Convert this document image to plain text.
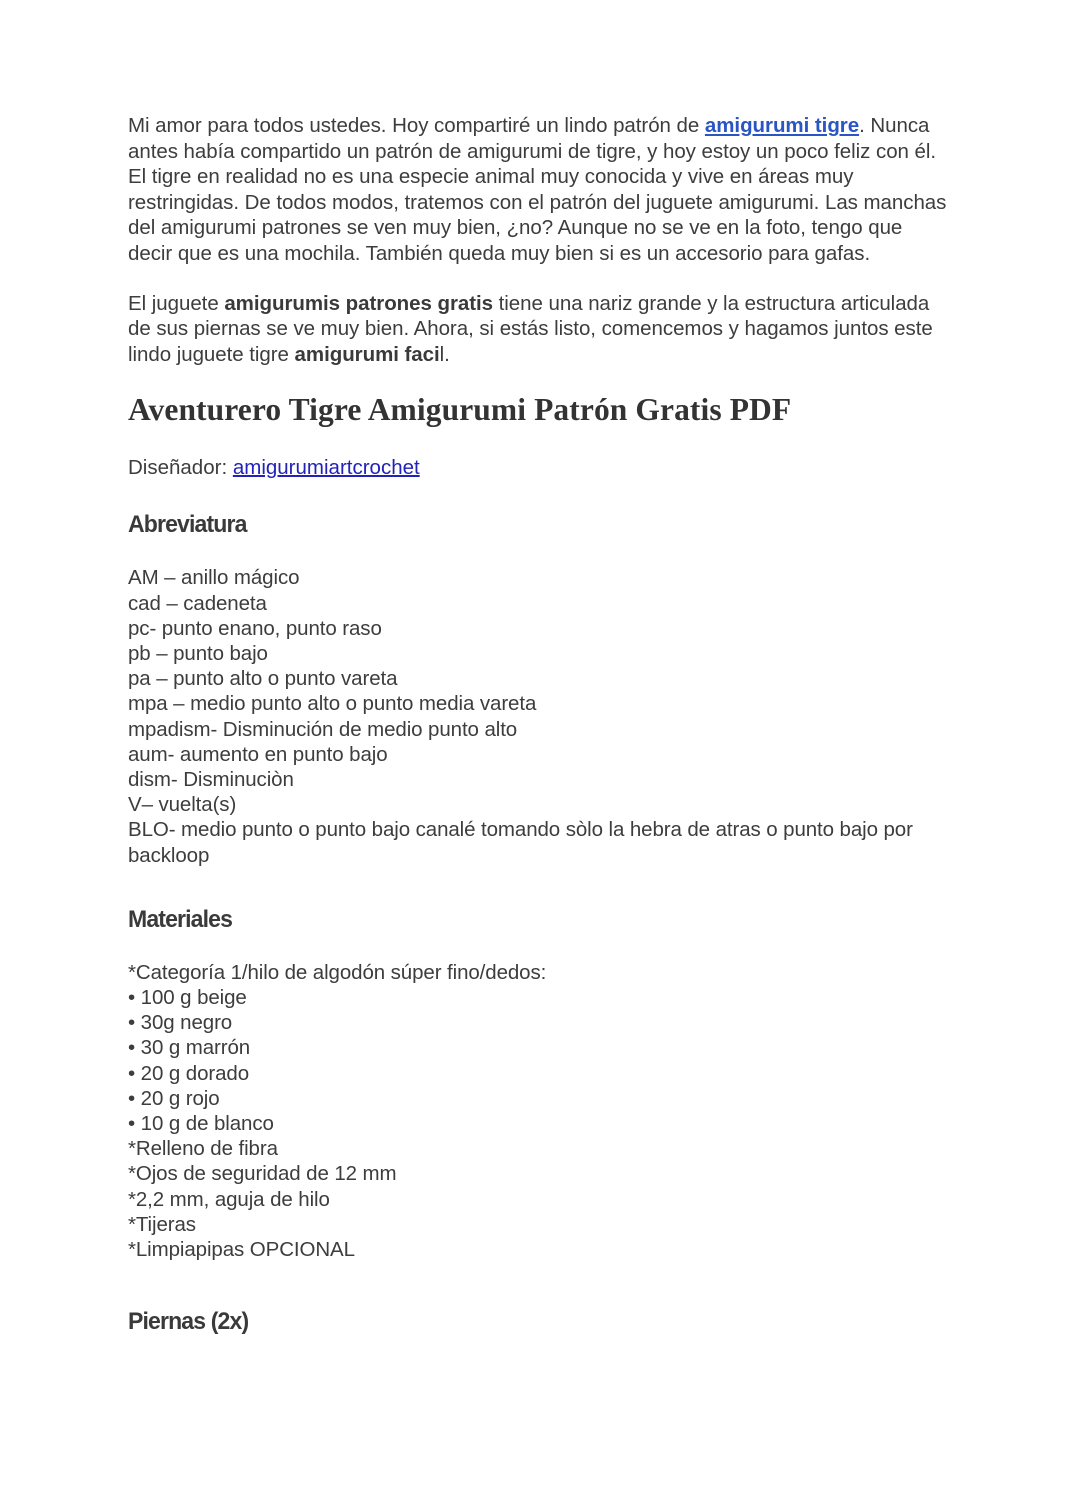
Mi amor para todos ustedes. Hoy compartiré un lindo patrón de amigurumi tigre. Nunca antes había compartido un patrón de amigurumi de tigre, y hoy estoy un poco feliz con él. El tigre en realidad no es una especie animal muy conocida y vive en áreas muy restringidas. De todos modos, tratemos con el patrón del juguete amigurumi. Las manchas del amigurumi patrones se ven muy bien, ¿no? Aunque no se ve en la foto, tengo que decir que es una mochila. También queda muy bien si es un accesorio para gafas.

El juguete amigurumis patrones gratis tiene una nariz grande y la estructura articulada de sus piernas se ve muy bien. Ahora, si estás listo, comencemos y hagamos juntos este lindo juguete tigre amigurumi facil.

Aventurero Tigre Amigurumi Patrón Gratis PDF

Diseñador: amigurumiartcrochet

Abreviatura
AM – anillo mágico
cad – cadeneta
pc- punto enano, punto raso
pb – punto bajo
pa – punto alto o punto vareta
mpa – medio punto alto o punto media vareta
mpadism- Disminución de medio punto alto
aum- aumento en punto bajo
dism- Disminuciòn
V– vuelta(s)
BLO- medio punto o punto bajo canalé tomando sòlo la hebra de atras o punto bajo por backloop
Materiales
*Categoría 1/hilo de algodón súper fino/dedos:
• 100 g beige
• 30g negro
• 30 g marrón
• 20 g dorado
• 20 g rojo
• 10 g de blanco
*Relleno de fibra
*Ojos de seguridad de 12 mm
*2,2 mm, aguja de hilo
*Tijeras
*Limpiapipas OPCIONAL
Piernas (2x)
